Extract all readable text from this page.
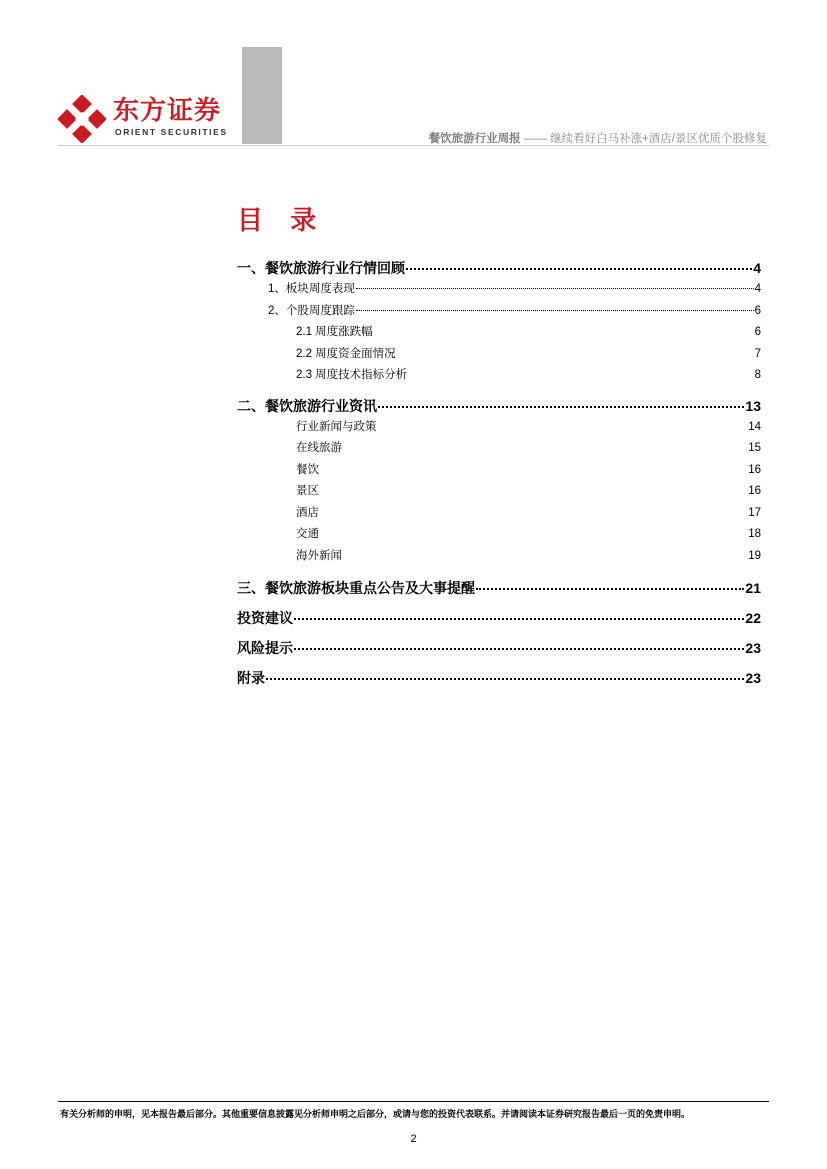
东方证券
ORIENT SECURITIES
餐饮旅游行业周报 —— 继续看好白马补涨+酒店/景区优质个股修复
目 录
一、餐饮旅游行业行情回顾	4
1、板块周度表现	4
2、个股周度跟踪	6
2.1 周度涨跌幅	6
2.2 周度资金面情况	7
2.3 周度技术指标分析	8
二、餐饮旅游行业资讯	13
行业新闻与政策	14
在线旅游	15
餐饮	16
景区	16
酒店	17
交通	18
海外新闻	19
三、餐饮旅游板块重点公告及大事提醒	21
投资建议	22
风险提示	23
附录	23
有关分析师的申明，见本报告最后部分。其他重要信息披露见分析师申明之后部分，或请与您的投资代表联系。并请阅读本证券研究报告最后一页的免责申明。
2
